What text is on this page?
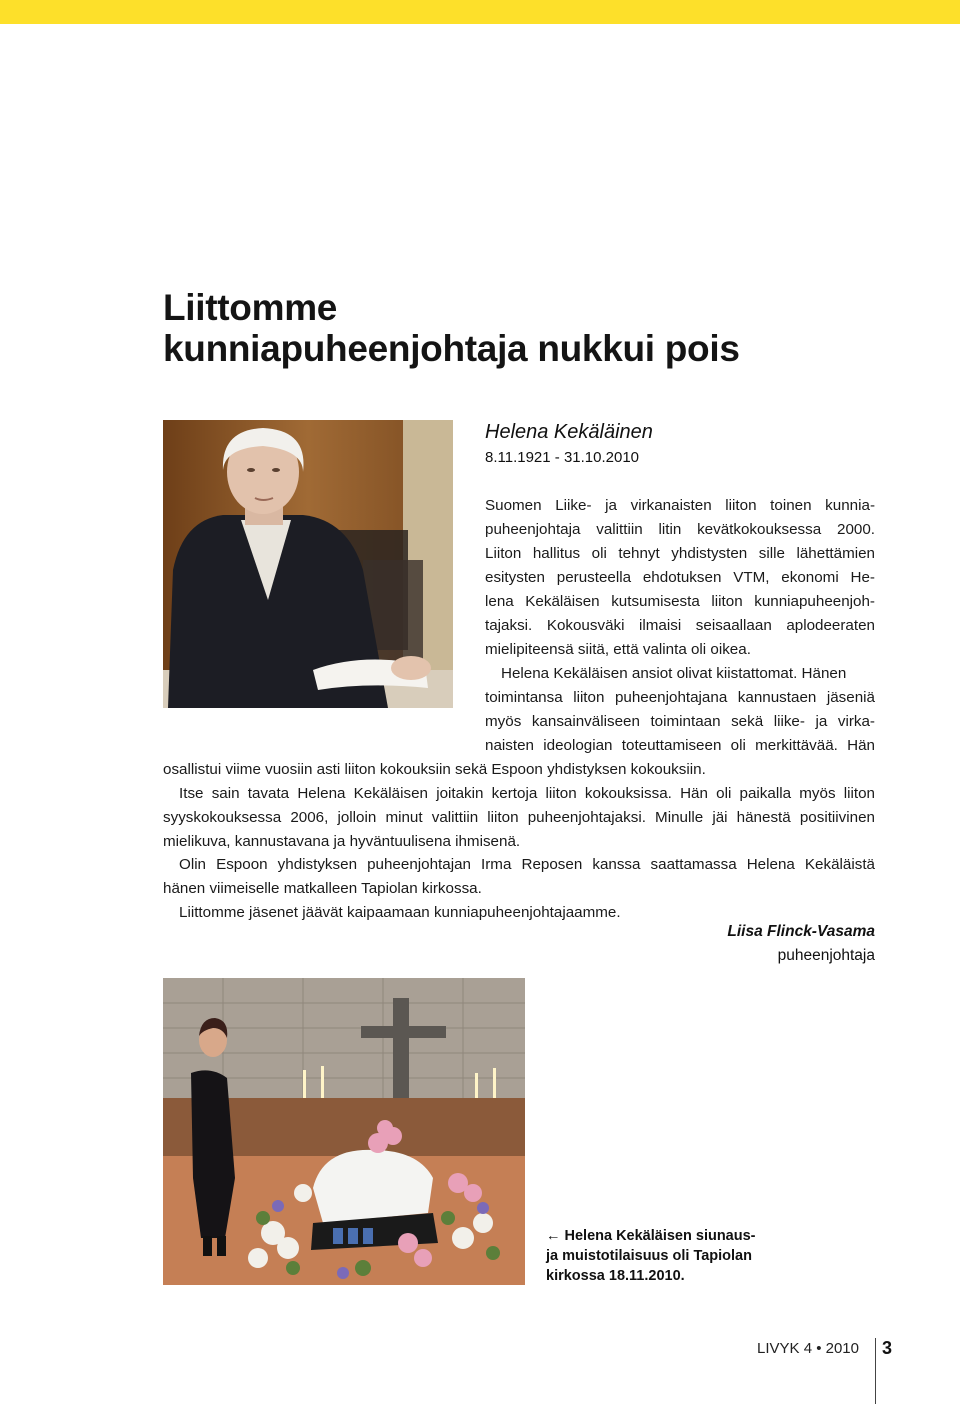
Liittomme
kunniapuheenjohtaja nukkui pois
Helena Kekäläinen
8.11.1921 - 31.10.2010
Suomen Liike- ja virkanaisten liiton toinen kunnia-
puheenjohtaja valittiin litin kevätkokouksessa 2000.
Liiton hallitus oli tehnyt yhdistysten sille lähettämien
esitysten perusteella ehdotuksen VTM, ekonomi He-
lena Kekäläisen kutsumisesta liiton kunniapuheenjoh-
tajaksi. Kokousväki ilmaisi seisaallaan aplodeeraten
mielipiteensä siitä, että valinta oli oikea.
Helena Kekäläisen ansiot olivat kiistattomat. Hänen
toimintansa liiton puheenjohtajana kannustaen jäseniä
myös kansainväliseen toimintaan sekä liike- ja virka-
naisten ideologian toteuttamiseen oli merkittävää. Hän
osallistui viime vuosiin asti liiton kokouksiin sekä Espoon yhdistyksen kokouksiin.
Itse sain tavata Helena Kekäläisen joitakin kertoja liiton kokouksissa. Hän oli paikalla myös liiton
syyskokouksessa 2006, jolloin minut valittiin liiton puheenjohtajaksi. Minulle jäi hänestä positiivinen
mielikuva, kannustavana ja hyväntuulisena ihmisenä.
Olin Espoon yhdistyksen puheenjohtajan Irma Reposen kanssa saattamassa Helena Kekäläistä
hänen viimeiselle matkalleen Tapiolan kirkossa.
Liittomme jäsenet jäävät kaipaamaan kunniapuheenjohtajaamme.
Liisa Flinck-Vasama
puheenjohtaja
← Helena Kekäläisen siunaus-
ja muistotilaisuus oli Tapiolan
kirkossa 18.11.2010.
LIVYK 4 • 2010 3
